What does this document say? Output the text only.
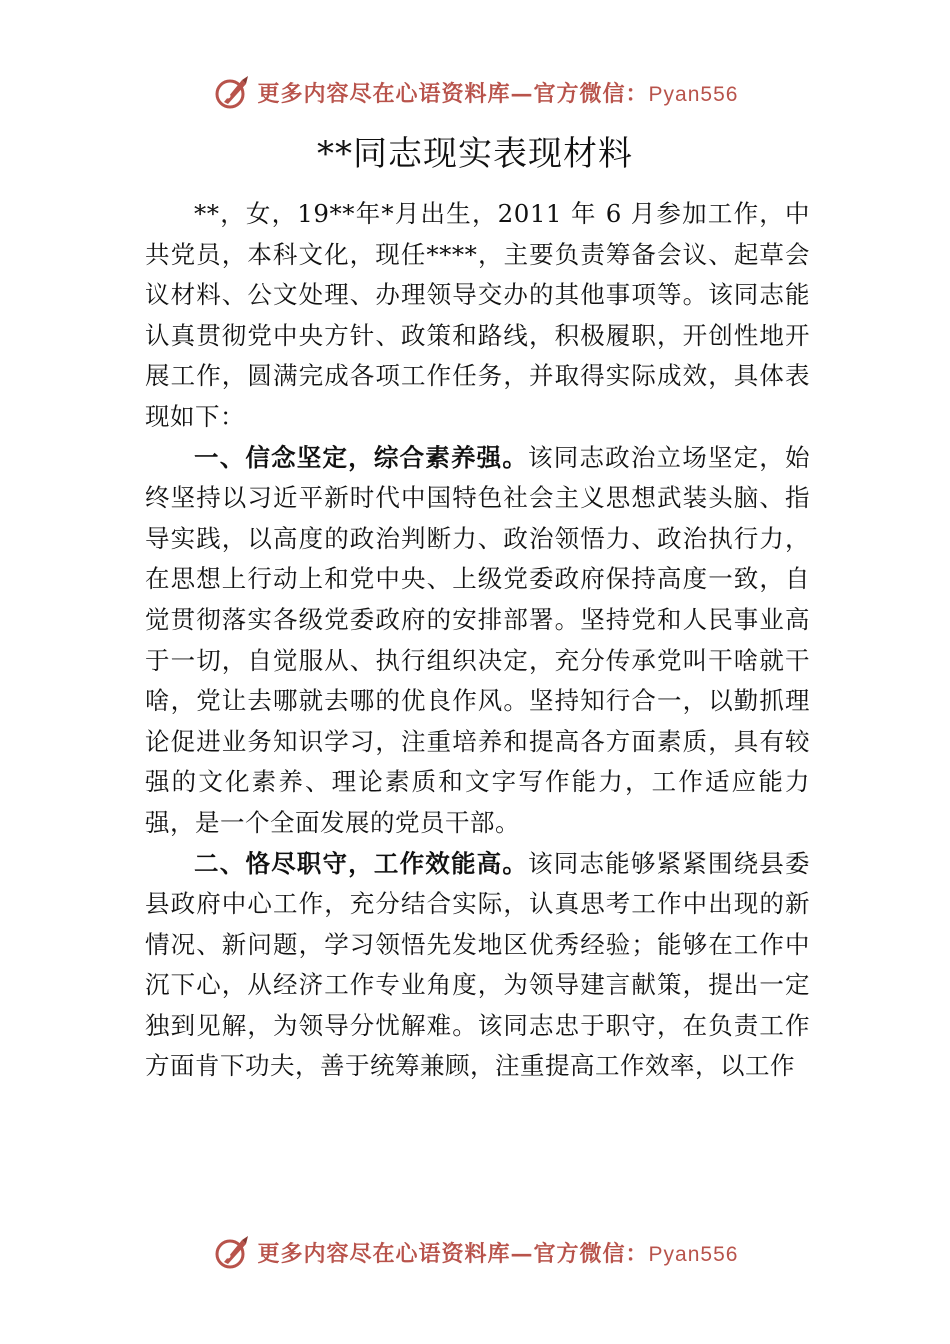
更多内容尽在心语资料库—官方微信：Pyan556
**同志现实表现材料

**，女，19**年*月出生，2011 年 6 月参加工作，中共党员，本科文化，现任****，主要负责筹备会议、起草会议材料、公文处理、办理领导交办的其他事项等。该同志能认真贯彻党中央方针、政策和路线，积极履职，开创性地开展工作，圆满完成各项工作任务，并取得实际成效，具体表现如下：

一、信念坚定，综合素养强。该同志政治立场坚定，始终坚持以习近平新时代中国特色社会主义思想武装头脑、指导实践，以高度的政治判断力、政治领悟力、政治执行力，在思想上行动上和党中央、上级党委政府保持高度一致，自觉贯彻落实各级党委政府的安排部署。坚持党和人民事业高于一切，自觉服从、执行组织决定，充分传承党叫干啥就干啥，党让去哪就去哪的优良作风。坚持知行合一，以勤抓理论促进业务知识学习，注重培养和提高各方面素质，具有较强的文化素养、理论素质和文字写作能力，工作适应能力强，是一个全面发展的党员干部。

二、恪尽职守，工作效能高。该同志能够紧紧围绕县委县政府中心工作，充分结合实际，认真思考工作中出现的新情况、新问题，学习领悟先发地区优秀经验；能够在工作中沉下心，从经济工作专业角度，为领导建言献策，提出一定 独到见解，为领导分忧解难。该同志忠于职守，在负责工作方面肯下功夫，善于统筹兼顾，注重提高工作效率，以工作

更多内容尽在心语资料库—官方微信：Pyan556
